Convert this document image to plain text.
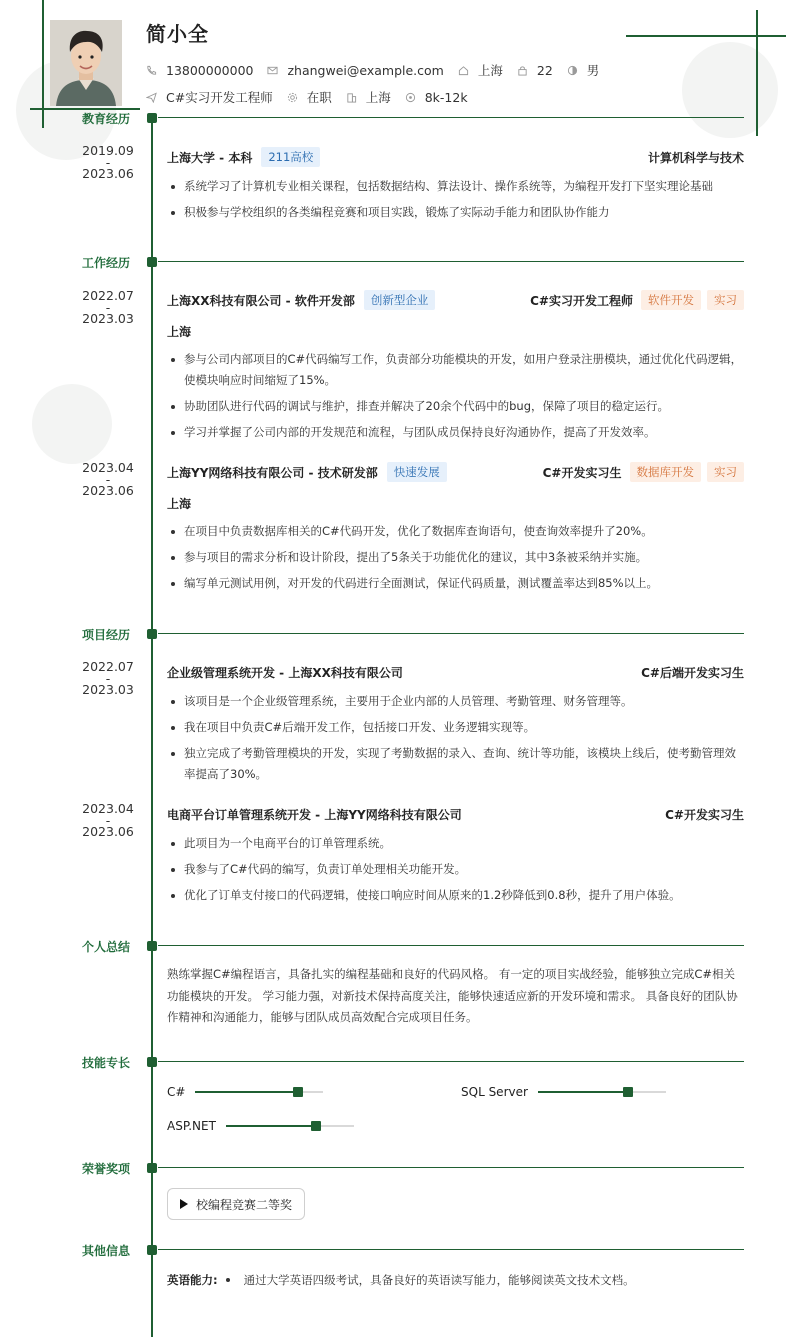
简小全
13800000000	zhangwei@example.com	上海	22	男
C#实习开发工程师	在职	上海	8k-12k
教育经历
2019.09
-
2023.06
上海大学 - 本科	211高校	计算机科学与技术
系统学习了计算机专业相关课程，包括数据结构、算法设计、操作系统等，为编程开发打下坚实理论基础
积极参与学校组织的各类编程竞赛和项目实践，锻炼了实际动手能力和团队协作能力
工作经历
2022.07
-
2023.03
上海XX科技有限公司 - 软件开发部	创新型企业	C#实习开发工程师	软件开发	实习
上海
参与公司内部项目的C#代码编写工作，负责部分功能模块的开发，如用户登录注册模块，通过优化代码逻辑，使模块响应时间缩短了15%。
协助团队进行代码的调试与维护，排查并解决了20余个代码中的bug，保障了项目的稳定运行。
学习并掌握了公司内部的开发规范和流程，与团队成员保持良好沟通协作，提高了开发效率。
2023.04
-
2023.06
上海YY网络科技有限公司 - 技术研发部	快速发展	C#开发实习生	数据库开发	实习
上海
在项目中负责数据库相关的C#代码开发，优化了数据库查询语句，使查询效率提升了20%。
参与项目的需求分析和设计阶段，提出了5条关于功能优化的建议，其中3条被采纳并实施。
编写单元测试用例，对开发的代码进行全面测试，保证代码质量，测试覆盖率达到85%以上。
项目经历
2022.07
-
2023.03
企业级管理系统开发 - 上海XX科技有限公司	C#后端开发实习生
该项目是一个企业级管理系统，主要用于企业内部的人员管理、考勤管理、财务管理等。
我在项目中负责C#后端开发工作，包括接口开发、业务逻辑实现等。
独立完成了考勤管理模块的开发，实现了考勤数据的录入、查询、统计等功能，该模块上线后，使考勤管理效率提高了30%。
2023.04
-
2023.06
电商平台订单管理系统开发 - 上海YY网络科技有限公司	C#开发实习生
此项目为一个电商平台的订单管理系统。
我参与了C#代码的编写，负责订单处理相关功能开发。
优化了订单支付接口的代码逻辑，使接口响应时间从原来的1.2秒降低到0.8秒，提升了用户体验。
个人总结
熟练掌握C#编程语言，具备扎实的编程基础和良好的代码风格。 有一定的项目实战经验，能够独立完成C#相关功能模块的开发。 学习能力强，对新技术保持高度关注，能够快速适应新的开发环境和需求。 具备良好的团队协作精神和沟通能力，能够与团队成员高效配合完成项目任务。
技能专长
C#	SQL Server
ASP.NET
荣誉奖项
校编程竞赛二等奖
其他信息
英语能力: 通过大学英语四级考试，具备良好的英语读写能力，能够阅读英文技术文档。
